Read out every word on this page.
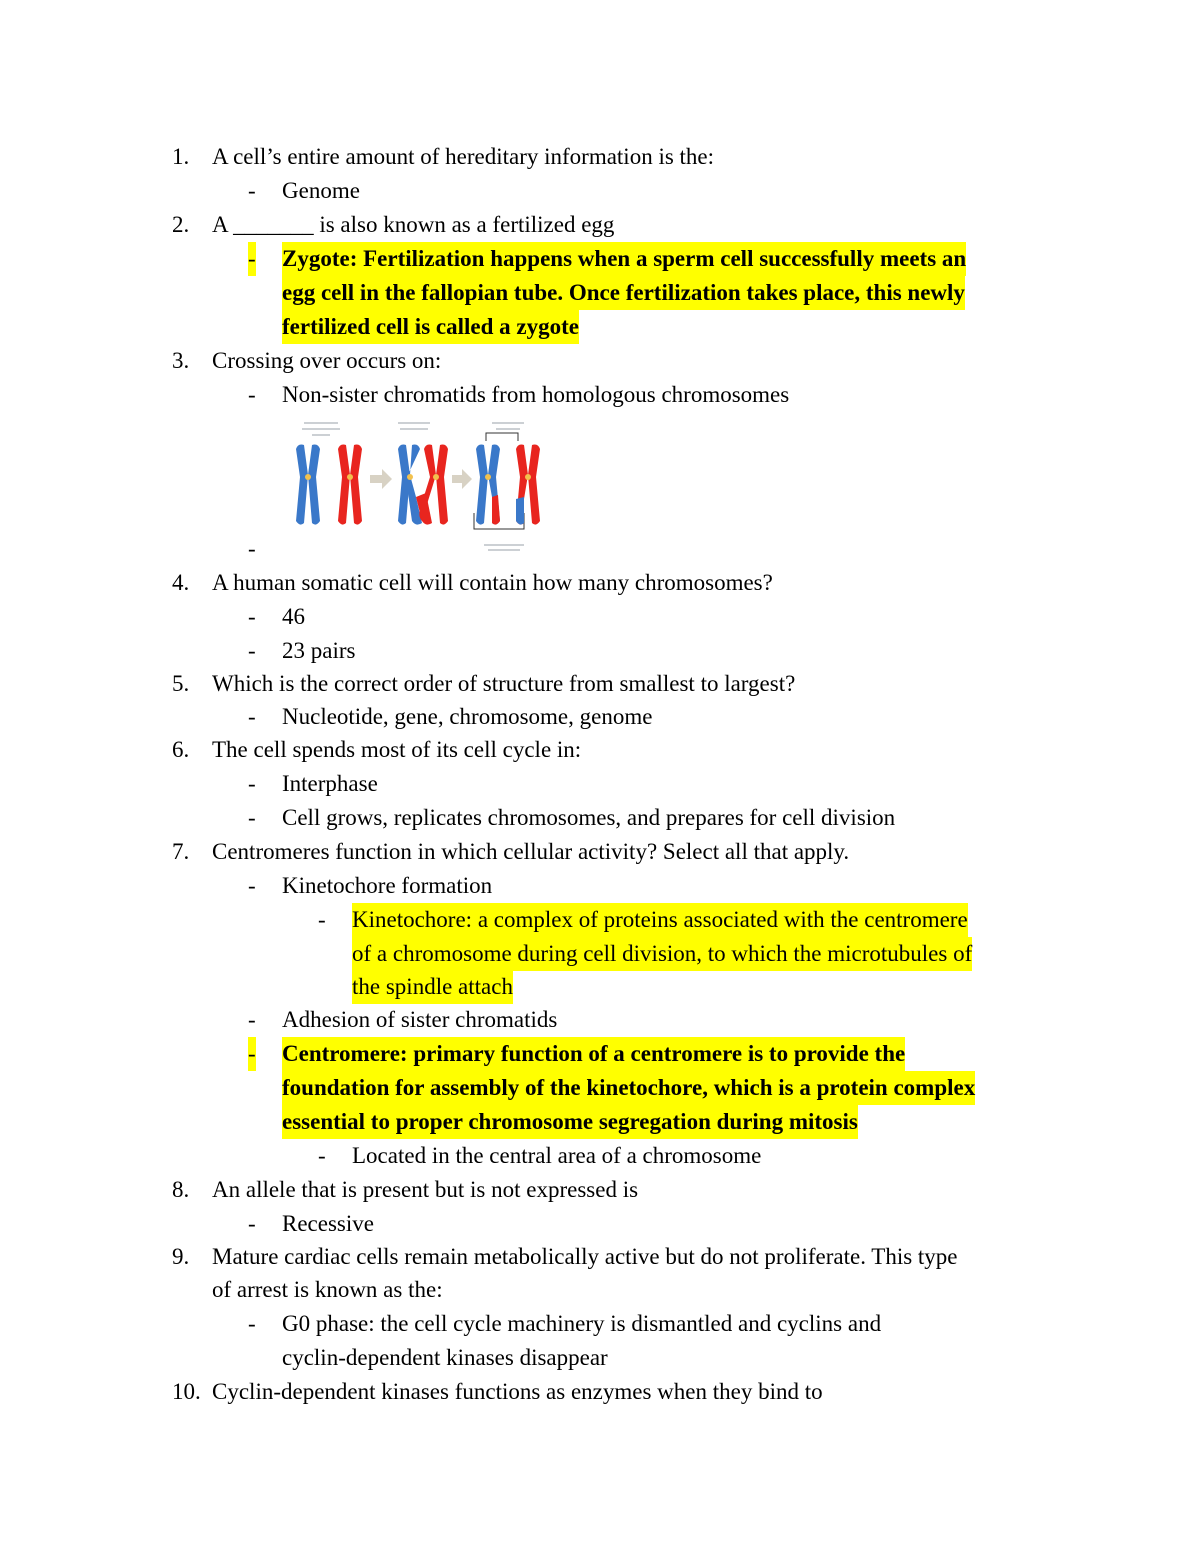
1. A cell’s entire amount of hereditary information is the:
- Genome
2. A _______ is also known as a fertilized egg
- Zygote: Fertilization happens when a sperm cell successfully meets an
egg cell in the fallopian tube. Once fertilization takes place, this newly
fertilized cell is called a zygote
3. Crossing over occurs on:
- Non-sister chromatids from homologous chromosomes
-
4. A human somatic cell will contain how many chromosomes?
- 46
- 23 pairs
5. Which is the correct order of structure from smallest to largest?
- Nucleotide, gene, chromosome, genome
6. The cell spends most of its cell cycle in:
- Interphase
- Cell grows, replicates chromosomes, and prepares for cell division
7. Centromeres function in which cellular activity? Select all that apply.
- Kinetochore formation
- Kinetochore: a complex of proteins associated with the centromere
of a chromosome during cell division, to which the microtubules of
the spindle attach
- Adhesion of sister chromatids
- Centromere: primary function of a centromere is to provide the
foundation for assembly of the kinetochore, which is a protein complex
essential to proper chromosome segregation during mitosis
- Located in the central area of a chromosome
8. An allele that is present but is not expressed is
- Recessive
9. Mature cardiac cells remain metabolically active but do not proliferate. This type
of arrest is known as the:
- G0 phase: the cell cycle machinery is dismantled and cyclins and
cyclin-dependent kinases disappear
10. Cyclin-dependent kinases functions as enzymes when they bind to
